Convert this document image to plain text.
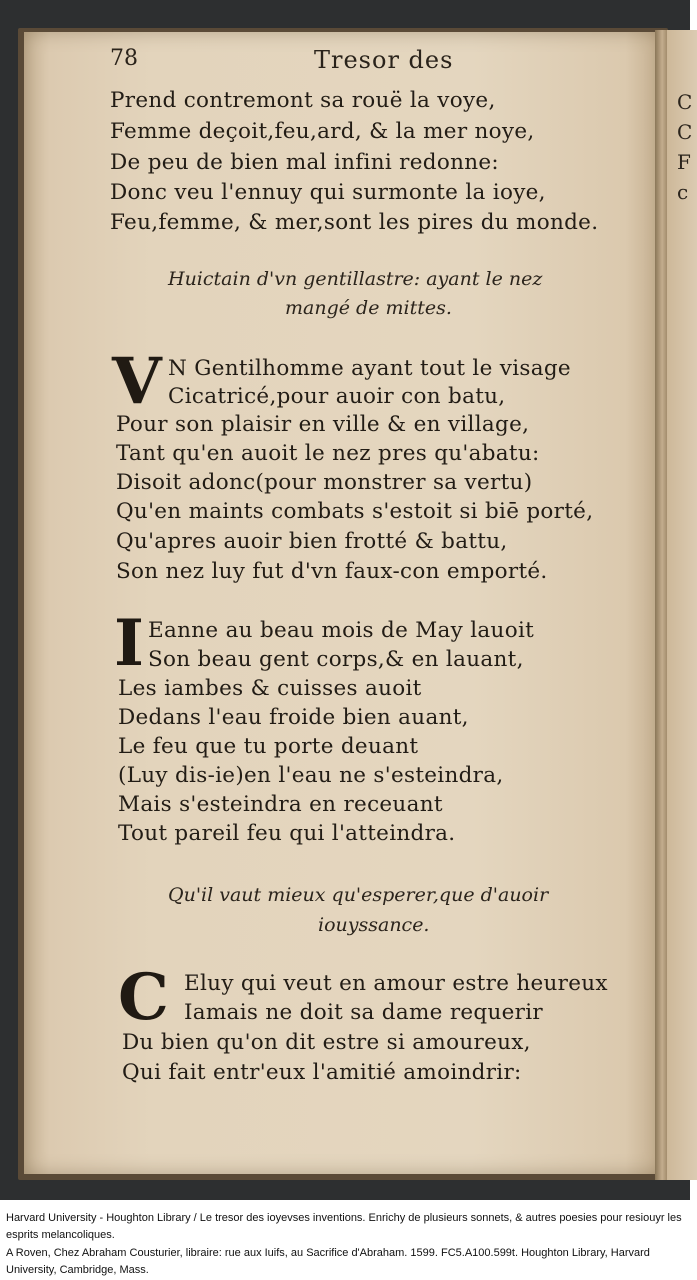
C
C
F
c
78	Tresor des
Prend contremont sa rouë la voye,
Femme deçoit,feu,ard, & la mer noye,
De peu de bien mal infini redonne:
Donc veu l'ennuy qui surmonte la ioye,
Feu,femme, & mer,sont les pires du monde.
Huictain d'vn gentillastre: ayant le nez
mangé de mittes.
V N Gentilhomme ayant tout le visage
Cicatricé,pour auoir con batu,
Pour son plaisir en ville & en village,
Tant qu'en auoit le nez pres qu'abatu:
Disoit adonc(pour monstrer sa vertu)
Qu'en maints combats s'estoit si biē porté,
Qu'apres auoir bien frotté & battu,
Son nez luy fut d'vn faux-con emporté.
I Eanne au beau mois de May lauoit
Son beau gent corps,& en lauant,
Les iambes & cuisses auoit
Dedans l'eau froide bien auant,
Le feu que tu porte deuant
(Luy dis-ie)en l'eau ne s'esteindra,
Mais s'esteindra en receuant
Tout pareil feu qui l'atteindra.
Qu'il vaut mieux qu'esperer,que d'auoir
iouyssance.
C Eluy qui veut en amour estre heureux
Iamais ne doit sa dame requerir
Du bien qu'on dit estre si amoureux,
Qui fait entr'eux l'amitié amoindrir:

Harvard University - Houghton Library / Le tresor des ioyevses inventions. Enrichy de plusieurs sonnets, & autres poesies pour resiouyr les esprits melancoliques.

A Roven, Chez Abraham Cousturier, libraire: rue aux Iuifs, au Sacrifice d'Abraham. 1599. FC5.A100.599t. Houghton Library, Harvard University, Cambridge, Mass.
